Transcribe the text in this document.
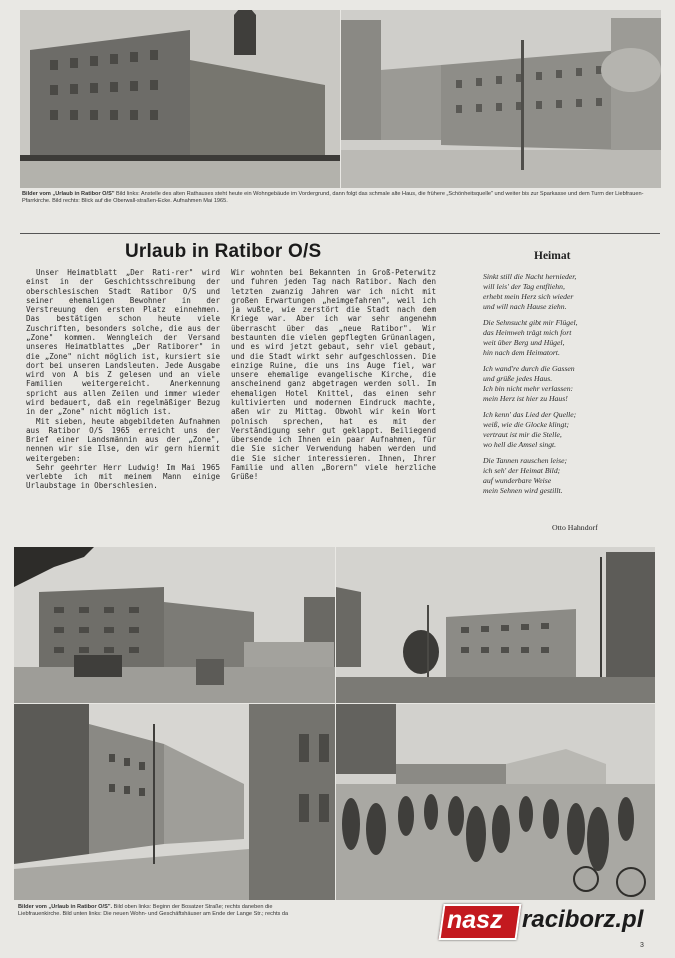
Bilder vom „Urlaub in Ratibor O/S" Bild links: Anstelle des alten Rathauses steht heute ein Wohngebäude im Vordergrund, dann folgt das schmale alte Haus, die frühere „Schönheitsquelle" und weiter bis zur Sparkasse und dem Turm der Liebfrauen-Pfarrkirche. Bild rechts: Blick auf die Oberwall-straßen-Ecke. Aufnahmen Mai 1965.
Urlaub in Ratibor O/S

Unser Heimatblatt „Der Rati-rer" wird einst in der Geschichtsschreibung der oberschlesischen Stadt Ratibor O/S und seiner ehemaligen Bewohner in der Verstreuung den ersten Platz einnehmen. Das bestätigen schon heute viele Zuschriften, besonders solche, die aus der „Zone" kommen. Wenngleich der Versand unseres Heimatblattes „Der Ratiborer" in die „Zone" nicht möglich ist, kursiert sie dort bei unseren Landsleuten. Jede Ausgabe wird von A bis Z gelesen und an viele Familien weitergereicht. Anerkennung spricht aus allen Zeilen und immer wieder wird bedauert, daß ein regelmäßiger Bezug in der „Zone" nicht möglich ist.

Mit sieben, heute abgebildeten Aufnahmen aus Ratibor O/S 1965 erreicht uns der Brief einer Landsmännin aus der „Zone", nennen wir sie Ilse, den wir gern hiermit weitergeben:

Sehr geehrter Herr Ludwig! Im Mai 1965 verlebte ich mit meinem Mann einige Urlaubstage in Oberschlesien.

Wir wohnten bei Bekannten in Groß-Peterwitz und fuhren jeden Tag nach Ratibor. Nach den letzten zwanzig Jahren war ich nicht mit großen Erwartungen „heimgefahren", weil ich ja wußte, wie zerstört die Stadt nach dem Kriege war. Aber ich war sehr angenehm überrascht über das „neue Ratibor". Wir bestaunten die vielen gepflegten Grünanlagen, und es wird jetzt gebaut, sehr viel gebaut, und die Stadt wirkt sehr aufgeschlossen. Die einzige Ruine, die uns ins Auge fiel, war unsere ehemalige evangelische Kirche, die anscheinend ganz abgetragen werden soll. Im ehemaligen Hotel Knittel, das einen sehr kultivierten und modernen Eindruck machte, aßen wir zu Mittag. Obwohl wir kein Wort polnisch sprechen, hat es mit der Verständigung sehr gut geklappt. Beiliegend übersende ich Ihnen ein paar Aufnahmen, für die Sie sicher Verwendung haben werden und die Sie sicher interessieren. Ihnen, Ihrer Familie und allen „Borern" viele herzliche Grüße!

Heimat
Sinkt still die Nacht hernieder,
will leis' der Tag entfliehn,
erhebt mein Herz sich wieder
und will nach Hause ziehn.
Die Sehnsucht gibt mir Flügel,
das Heimweh trägt mich fort
weit über Berg und Hügel,
hin nach dem Heimatort.
Ich wand're durch die Gassen
und grüße jedes Haus.
Ich bin nicht mehr verlassen:
mein Herz ist hier zu Haus!
Ich kenn' das Lied der Quelle;
weiß, wie die Glocke klingt;
vertraut ist mir die Stelle,
wo hell die Amsel singt.
Die Tannen rauschen leise;
ich seh' der Heimat Bild;
auf wunderbare Weise
mein Sehnen wird gestillt.
Otto Hahndorf
Bilder vom „Urlaub in Ratibor O/S". Bild oben links: Beginn der Bosatzer Straße; rechts daneben die
Liebfrauenkirche. Bild unten links: Die neuen Wohn- und Geschäftshäuser am Ende der Lange Str.; rechts da	nasz raciborz.pl
3
